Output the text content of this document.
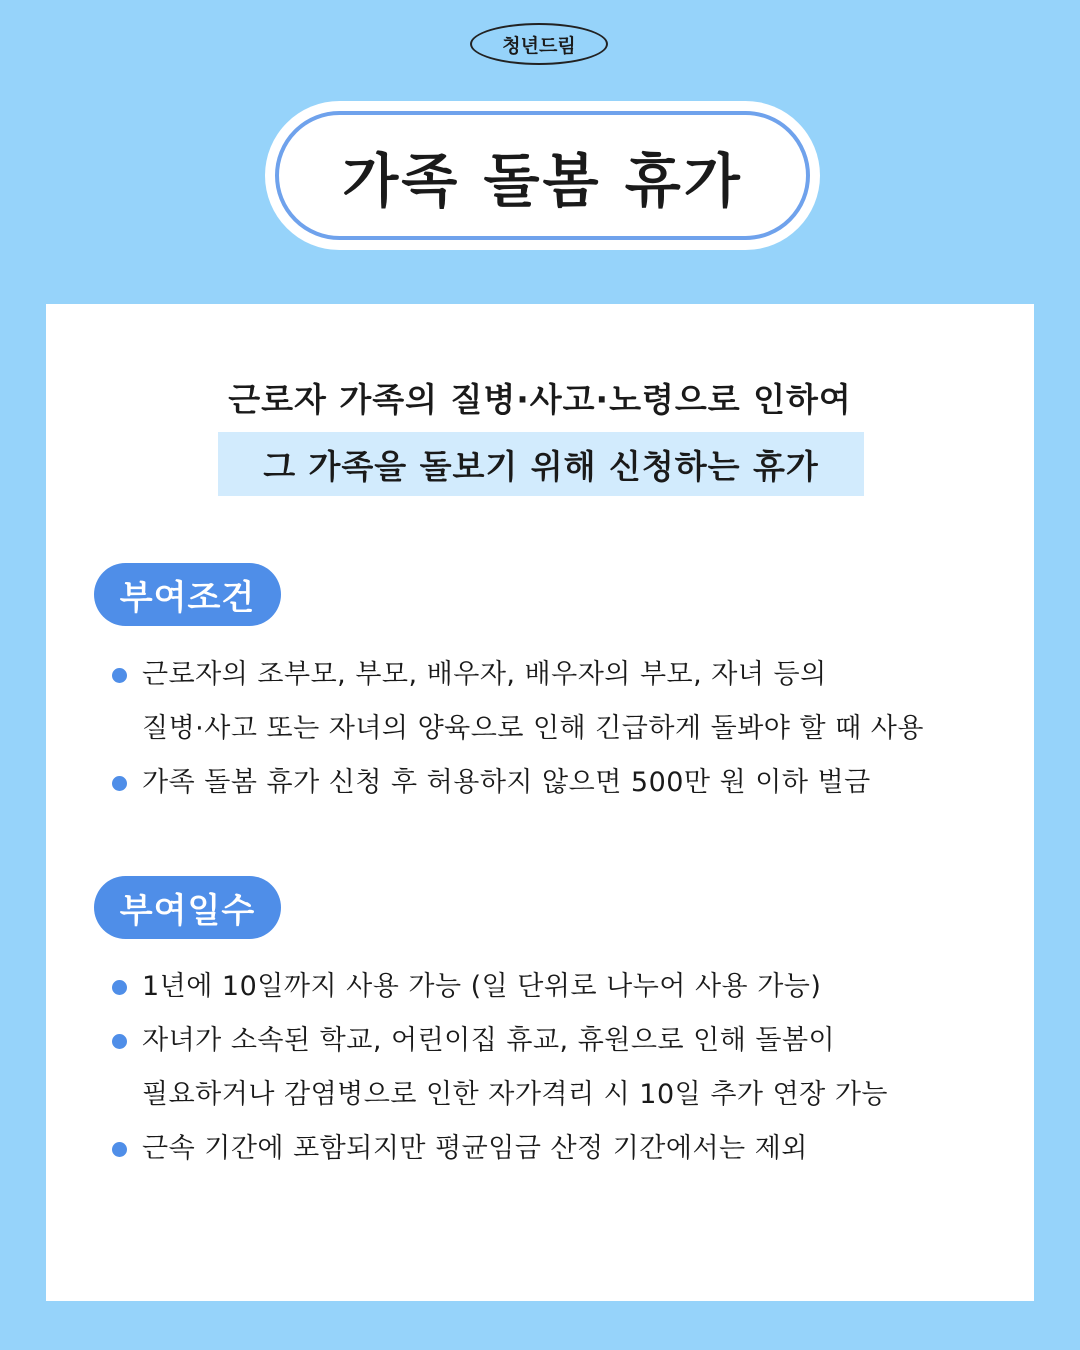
청년드림
가족 돌봄 휴가
근로자 가족의 질병·사고·노령으로 인하여
그 가족을 돌보기 위해 신청하는 휴가
부여조건
근로자의 조부모, 부모, 배우자, 배우자의 부모, 자녀 등의
질병·사고 또는 자녀의 양육으로 인해 긴급하게 돌봐야 할 때 사용
가족 돌봄 휴가 신청 후 허용하지 않으면 500만 원 이하 벌금
부여일수
1년에 10일까지 사용 가능 (일 단위로 나누어 사용 가능)
자녀가 소속된 학교, 어린이집 휴교, 휴원으로 인해 돌봄이
필요하거나 감염병으로 인한 자가격리 시 10일 추가 연장 가능
근속 기간에 포함되지만 평균임금 산정 기간에서는 제외
